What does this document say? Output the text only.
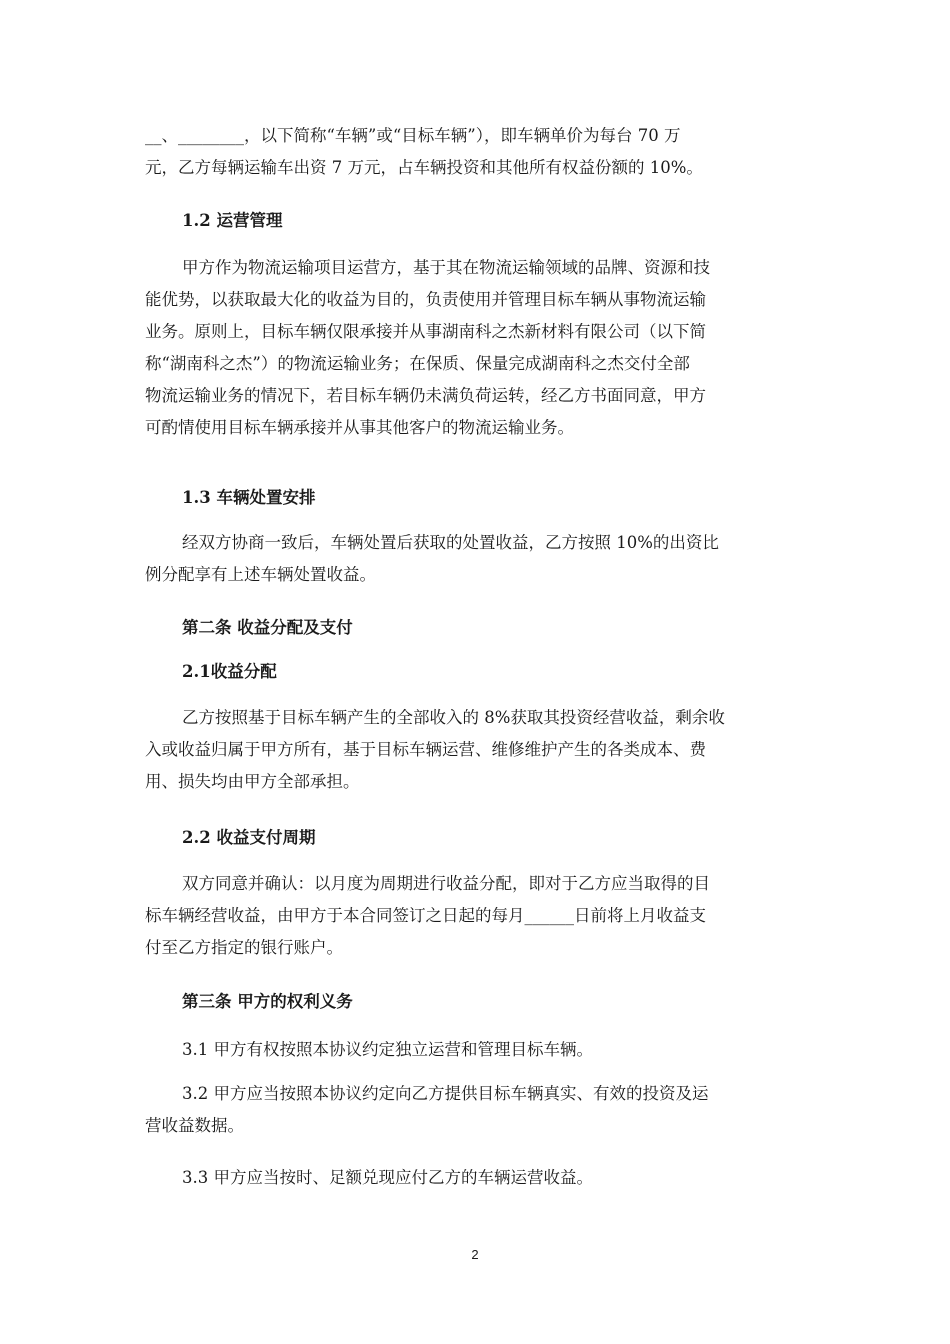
__、________，以下简称“车辆”或“目标车辆”），即车辆单价为每台 70 万
元，乙方每辆运输车出资 7 万元，占车辆投资和其他所有权益份额的 10%。
1.2 运营管理
甲方作为物流运输项目运营方，基于其在物流运输领域的品牌、资源和技
能优势，以获取最大化的收益为目的，负责使用并管理目标车辆从事物流运输
业务。原则上，目标车辆仅限承接并从事湖南科之杰新材料有限公司（以下简
称“湖南科之杰”）的物流运输业务；在保质、保量完成湖南科之杰交付全部
物流运输业务的情况下，若目标车辆仍未满负荷运转，经乙方书面同意，甲方
可酌情使用目标车辆承接并从事其他客户的物流运输业务。
1.3 车辆处置安排
经双方协商一致后，车辆处置后获取的处置收益，乙方按照 10%的出资比
例分配享有上述车辆处置收益。
第二条 收益分配及支付
2.1收益分配
乙方按照基于目标车辆产生的全部收入的 8%获取其投资经营收益，剩余收
入或收益归属于甲方所有，基于目标车辆运营、维修维护产生的各类成本、费
用、损失均由甲方全部承担。
2.2 收益支付周期
双方同意并确认：以月度为周期进行收益分配，即对于乙方应当取得的目
标车辆经营收益，由甲方于本合同签订之日起的每月______日前将上月收益支
付至乙方指定的银行账户。
第三条 甲方的权利义务
3.1 甲方有权按照本协议约定独立运营和管理目标车辆。
3.2 甲方应当按照本协议约定向乙方提供目标车辆真实、有效的投资及运
营收益数据。
3.3 甲方应当按时、足额兑现应付乙方的车辆运营收益。
2
